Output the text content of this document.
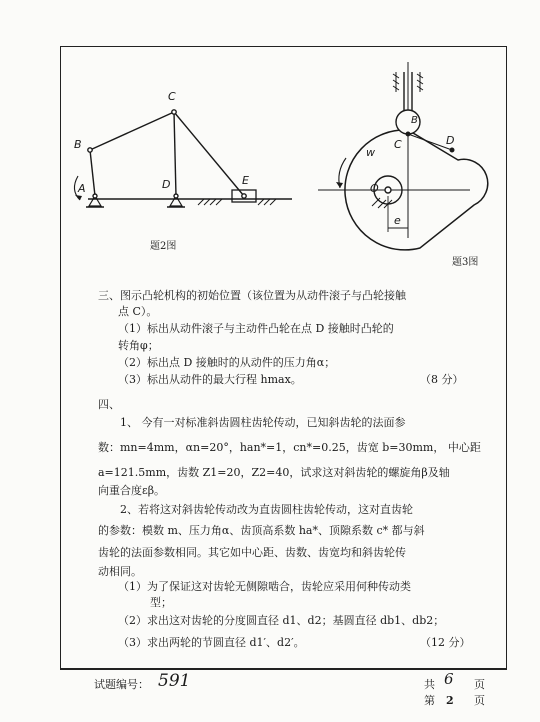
B
C
A	D	E
题2图
B
C	D
O
w
e
题3图
三、图示凸轮机构的初始位置（该位置为从动件滚子与凸轮接触
点 C）。
（1）标出从动件滚子与主动件凸轮在点 D 接触时凸轮的
转角φ；
（2）标出点 D 接触时的从动件的压力角α；
（3）标出从动件的最大行程 hmax。	（8 分）
四、
1、 今有一对标准斜齿圆柱齿轮传动，已知斜齿轮的法面参
数：mn=4mm，αn=20°，han*=1，cn*=0.25，齿宽 b=30mm， 中心距
a=121.5mm，齿数 Z1=20，Z2=40，试求这对斜齿轮的螺旋角β及轴
向重合度εβ。
2、若将这对斜齿轮传动改为直齿圆柱齿轮传动，这对直齿轮
的参数：模数 m、压力角α、齿顶高系数 ha*、顶隙系数 c* 都与斜
齿轮的法面参数相同。其它如中心距、齿数、齿宽均和斜齿轮传
动相同。
（1）为了保证这对齿轮无侧隙啮合，齿轮应采用何种传动类
型；
（2）求出这对齿轮的分度圆直径 d1、d2；基圆直径 db1、db2；
（3）求出两轮的节圆直径 d1′、d2′。	（12 分）
试题编号： 591	共 6 页
第 2 页
